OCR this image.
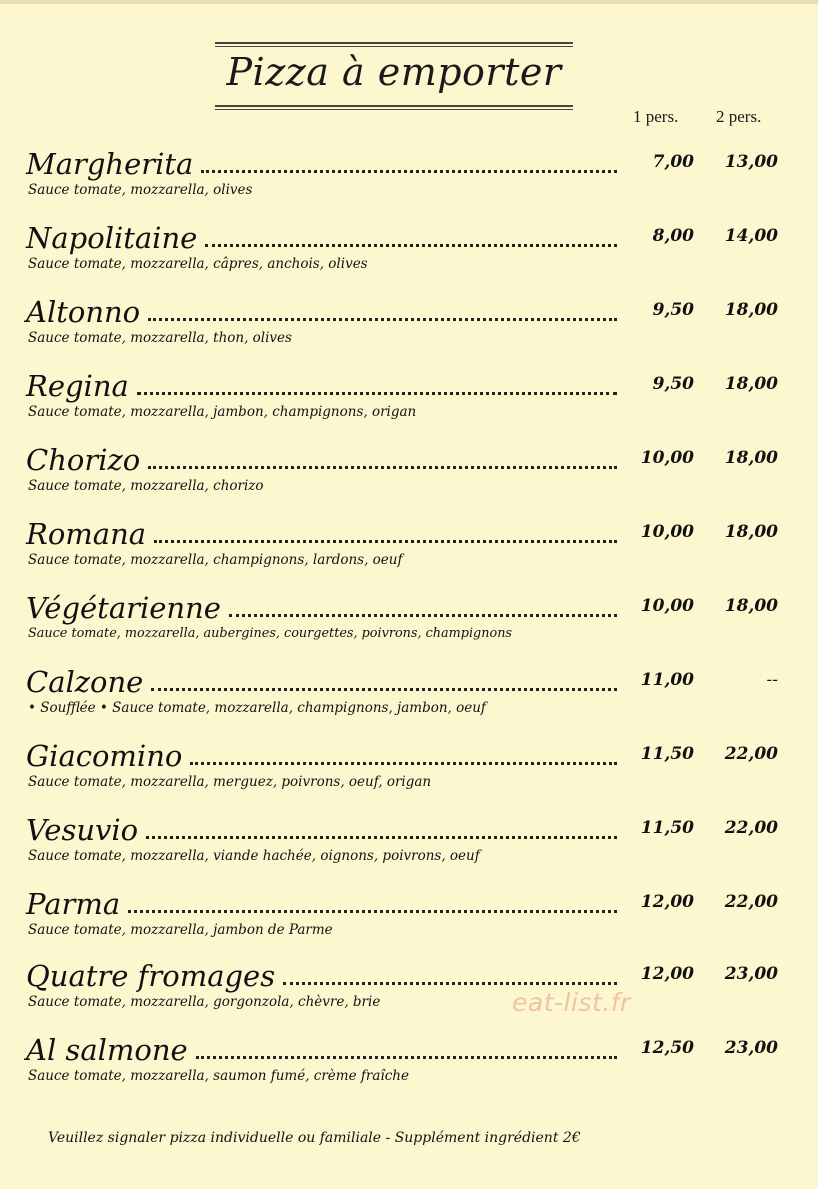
Pizza à emporter
1 pers. 2 pers.
Margherita	7,00	13,00
Sauce tomate, mozzarella, olives
Napolitaine	8,00	14,00
Sauce tomate, mozzarella, câpres, anchois, olives
Altonno	9,50	18,00
Sauce tomate, mozzarella, thon, olives
Regina	9,50	18,00
Sauce tomate, mozzarella, jambon, champignons, origan
Chorizo	10,00	18,00
Sauce tomate, mozzarella, chorizo
Romana	10,00	18,00
Sauce tomate, mozzarella, champignons, lardons, oeuf
Végétarienne	10,00	18,00
Sauce tomate, mozzarella, aubergines, courgettes, poivrons, champignons
Calzone	11,00	--
• Soufflée • Sauce tomate, mozzarella, champignons, jambon, oeuf
Giacomino	11,50	22,00
Sauce tomate, mozzarella, merguez, poivrons, oeuf, origan
Vesuvio	11,50	22,00
Sauce tomate, mozzarella, viande hachée, oignons, poivrons, oeuf
Parma	12,00	22,00
Sauce tomate, mozzarella, jambon de Parme
Quatre fromages	12,00	23,00
Sauce tomate, mozzarella, gorgonzola, chèvre, brie
Al salmone	12,50	23,00
Sauce tomate, mozzarella, saumon fumé, crème fraîche
eat-list.fr
Veuillez signaler pizza individuelle ou familiale - Supplément ingrédient 2€
